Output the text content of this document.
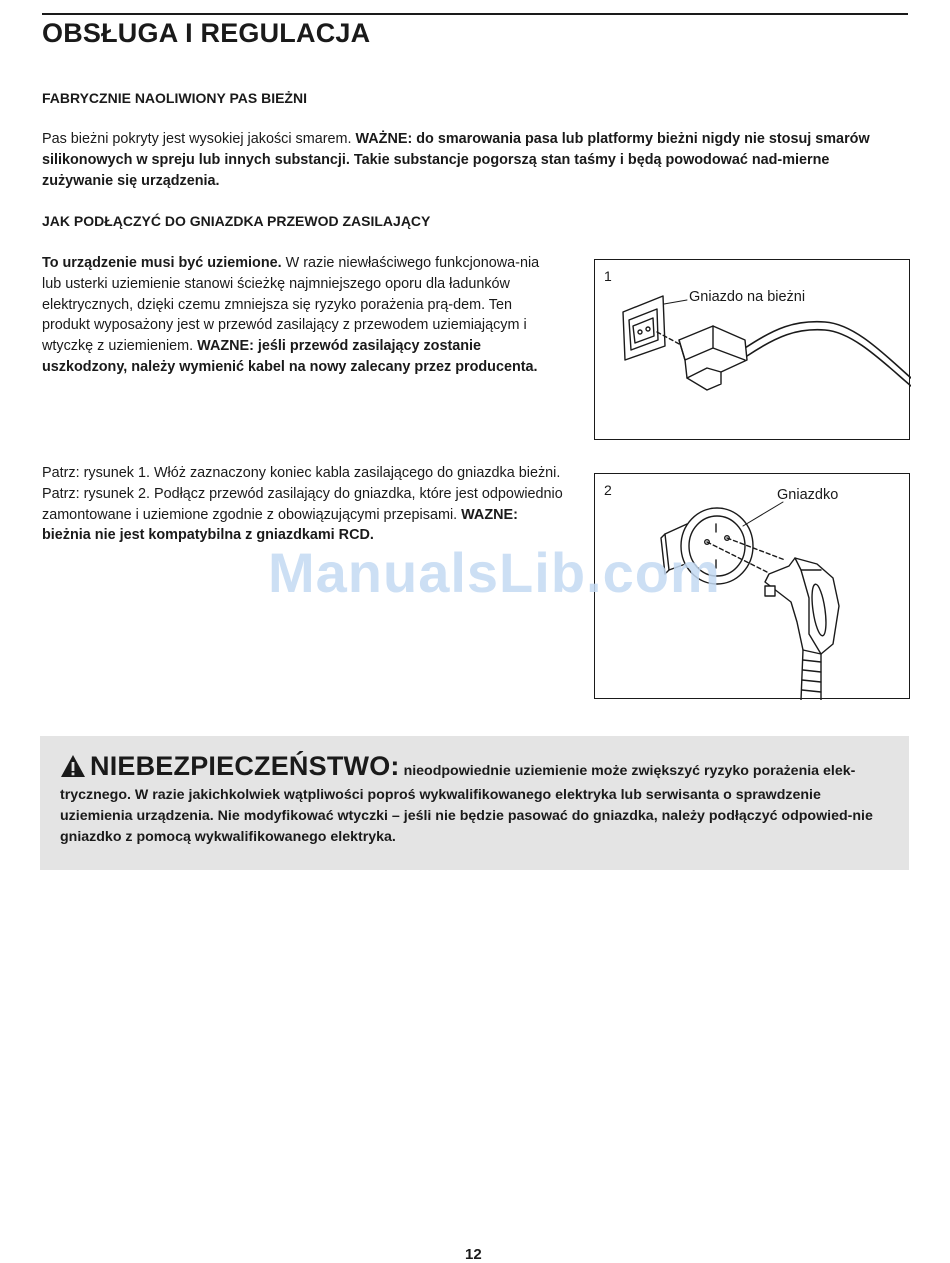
OBSŁUGA I REGULACJA
FABRYCZNIE NAOLIWIONY PAS BIEŻNI

Pas bieżni pokryty jest wysokiej jakości smarem. WAŻNE: do smarowania pasa lub platformy bieżni nigdy nie stosuj smarów silikonowych w spreju lub innych substancji. Takie substancje pogorszą stan taśmy i będą powodować nad-mierne zużywanie się urządzenia.

JAK PODŁĄCZYĆ DO GNIAZDKA PRZEWOD ZASILAJĄCY

To urządzenie musi być uziemione. W razie niewłaściwego funkcjonowa-nia lub usterki uziemienie stanowi ścieżkę najmniejszego oporu dla ładunków elektrycznych, dzięki czemu zmniejsza się ryzyko porażenia prą-dem. Ten produkt wyposażony jest w przewód zasilający z przewodem uziemiającym i wtyczkę z uziemieniem. WAZNE: jeśli przewód zasilający zostanie uszkodzony, należy wymienić kabel na nowy zalecany przez producenta.

Patrz: rysunek 1. Włóż zaznaczony koniec kabla zasilającego do gniazdka bieżni. Patrz: rysunek 2. Podłącz przewód zasilający do gniazdka, które jest odpowiednio zamontowane i uziemione zgodnie z obowiązującymi przepisami. WAZNE: bieżnia nie jest kompatybilna z gniazdkami RCD.

1
Gniazdo na bieżni
2	Gniazdko
ManualsLib.com

NIEBEZPIECZEŃSTWO: nieodpowiednie uziemienie może zwiększyć ryzyko porażenia elek-trycznego. W razie jakichkolwiek wątpliwości poproś wykwalifikowanego elektryka lub serwisanta o sprawdzenie uziemienia urządzenia. Nie modyfikować wtyczki – jeśli nie będzie pasować do gniazdka, należy podłączyć odpowied-nie gniazdko z pomocą wykwalifikowanego elektryka.

12
